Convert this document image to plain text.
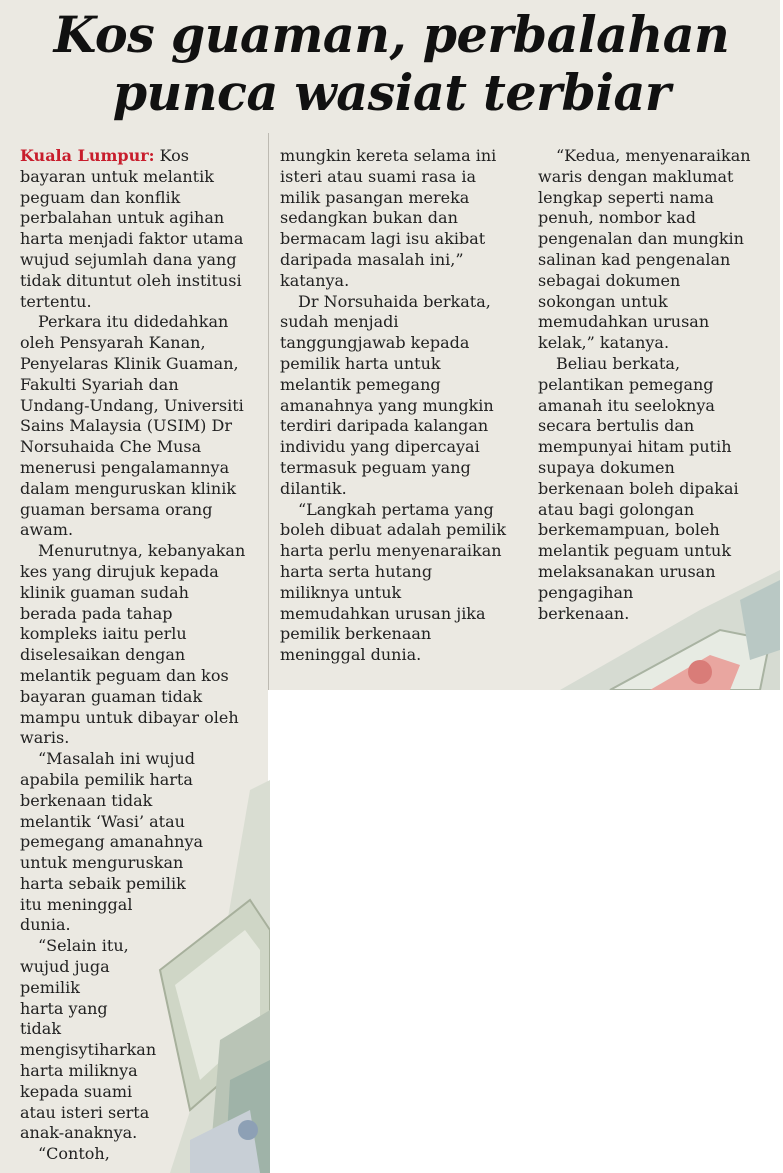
Kos guaman, perbalahan
punca wasiat terbiar
Kuala Lumpur: Kos
bayaran untuk melantik
peguam dan konflik
perbalahan untuk agihan
harta menjadi faktor utama
wujud sejumlah dana yang
tidak dituntut oleh institusi
tertentu.
Perkara itu didedahkan
oleh Pensyarah Kanan,
Penyelaras Klinik Guaman,
Fakulti Syariah dan
Undang-Undang, Universiti
Sains Malaysia (USIM) Dr
Norsuhaida Che Musa
menerusi pengalamannya
dalam menguruskan klinik
guaman bersama orang
awam.
Menurutnya, kebanyakan
kes yang dirujuk kepada
klinik guaman sudah
berada pada tahap
kompleks iaitu perlu
diselesaikan dengan
melantik peguam dan kos
bayaran guaman tidak
mampu untuk dibayar oleh
waris.
“Masalah ini wujud
apabila pemilik harta
berkenaan tidak
melantik ‘Wasi’ atau
pemegang amanahnya
untuk menguruskan
harta sebaik pemilik
itu meninggal
dunia.
“Selain itu,
wujud juga
pemilik
harta yang
tidak
mengisytiharkan
harta miliknya
kepada suami
atau isteri serta
anak-anaknya.
“Contoh,
mungkin kereta selama ini
isteri atau suami rasa ia
milik pasangan mereka
sedangkan bukan dan
bermacam lagi isu akibat
daripada masalah ini,”
katanya.
Dr Norsuhaida berkata,
sudah menjadi
tanggungjawab kepada
pemilik harta untuk
melantik pemegang
amanahnya yang mungkin
terdiri daripada kalangan
individu yang dipercayai
termasuk peguam yang
dilantik.
“Langkah pertama yang
boleh dibuat adalah pemilik
harta perlu menyenaraikan
harta serta hutang
miliknya untuk
memudahkan urusan jika
pemilik berkenaan
meninggal dunia.
“Kedua, menyenaraikan
waris dengan maklumat
lengkap seperti nama
penuh, nombor kad
pengenalan dan mungkin
salinan kad pengenalan
sebagai dokumen
sokongan untuk
memudahkan urusan
kelak,” katanya.
Beliau berkata,
pelantikan pemegang
amanah itu seeloknya
secara bertulis dan
mempunyai hitam putih
supaya dokumen
berkenaan boleh dipakai
atau bagi golongan
berkemampuan, boleh
melantik peguam untuk
melaksanakan urusan
pengagihan
berkenaan.
